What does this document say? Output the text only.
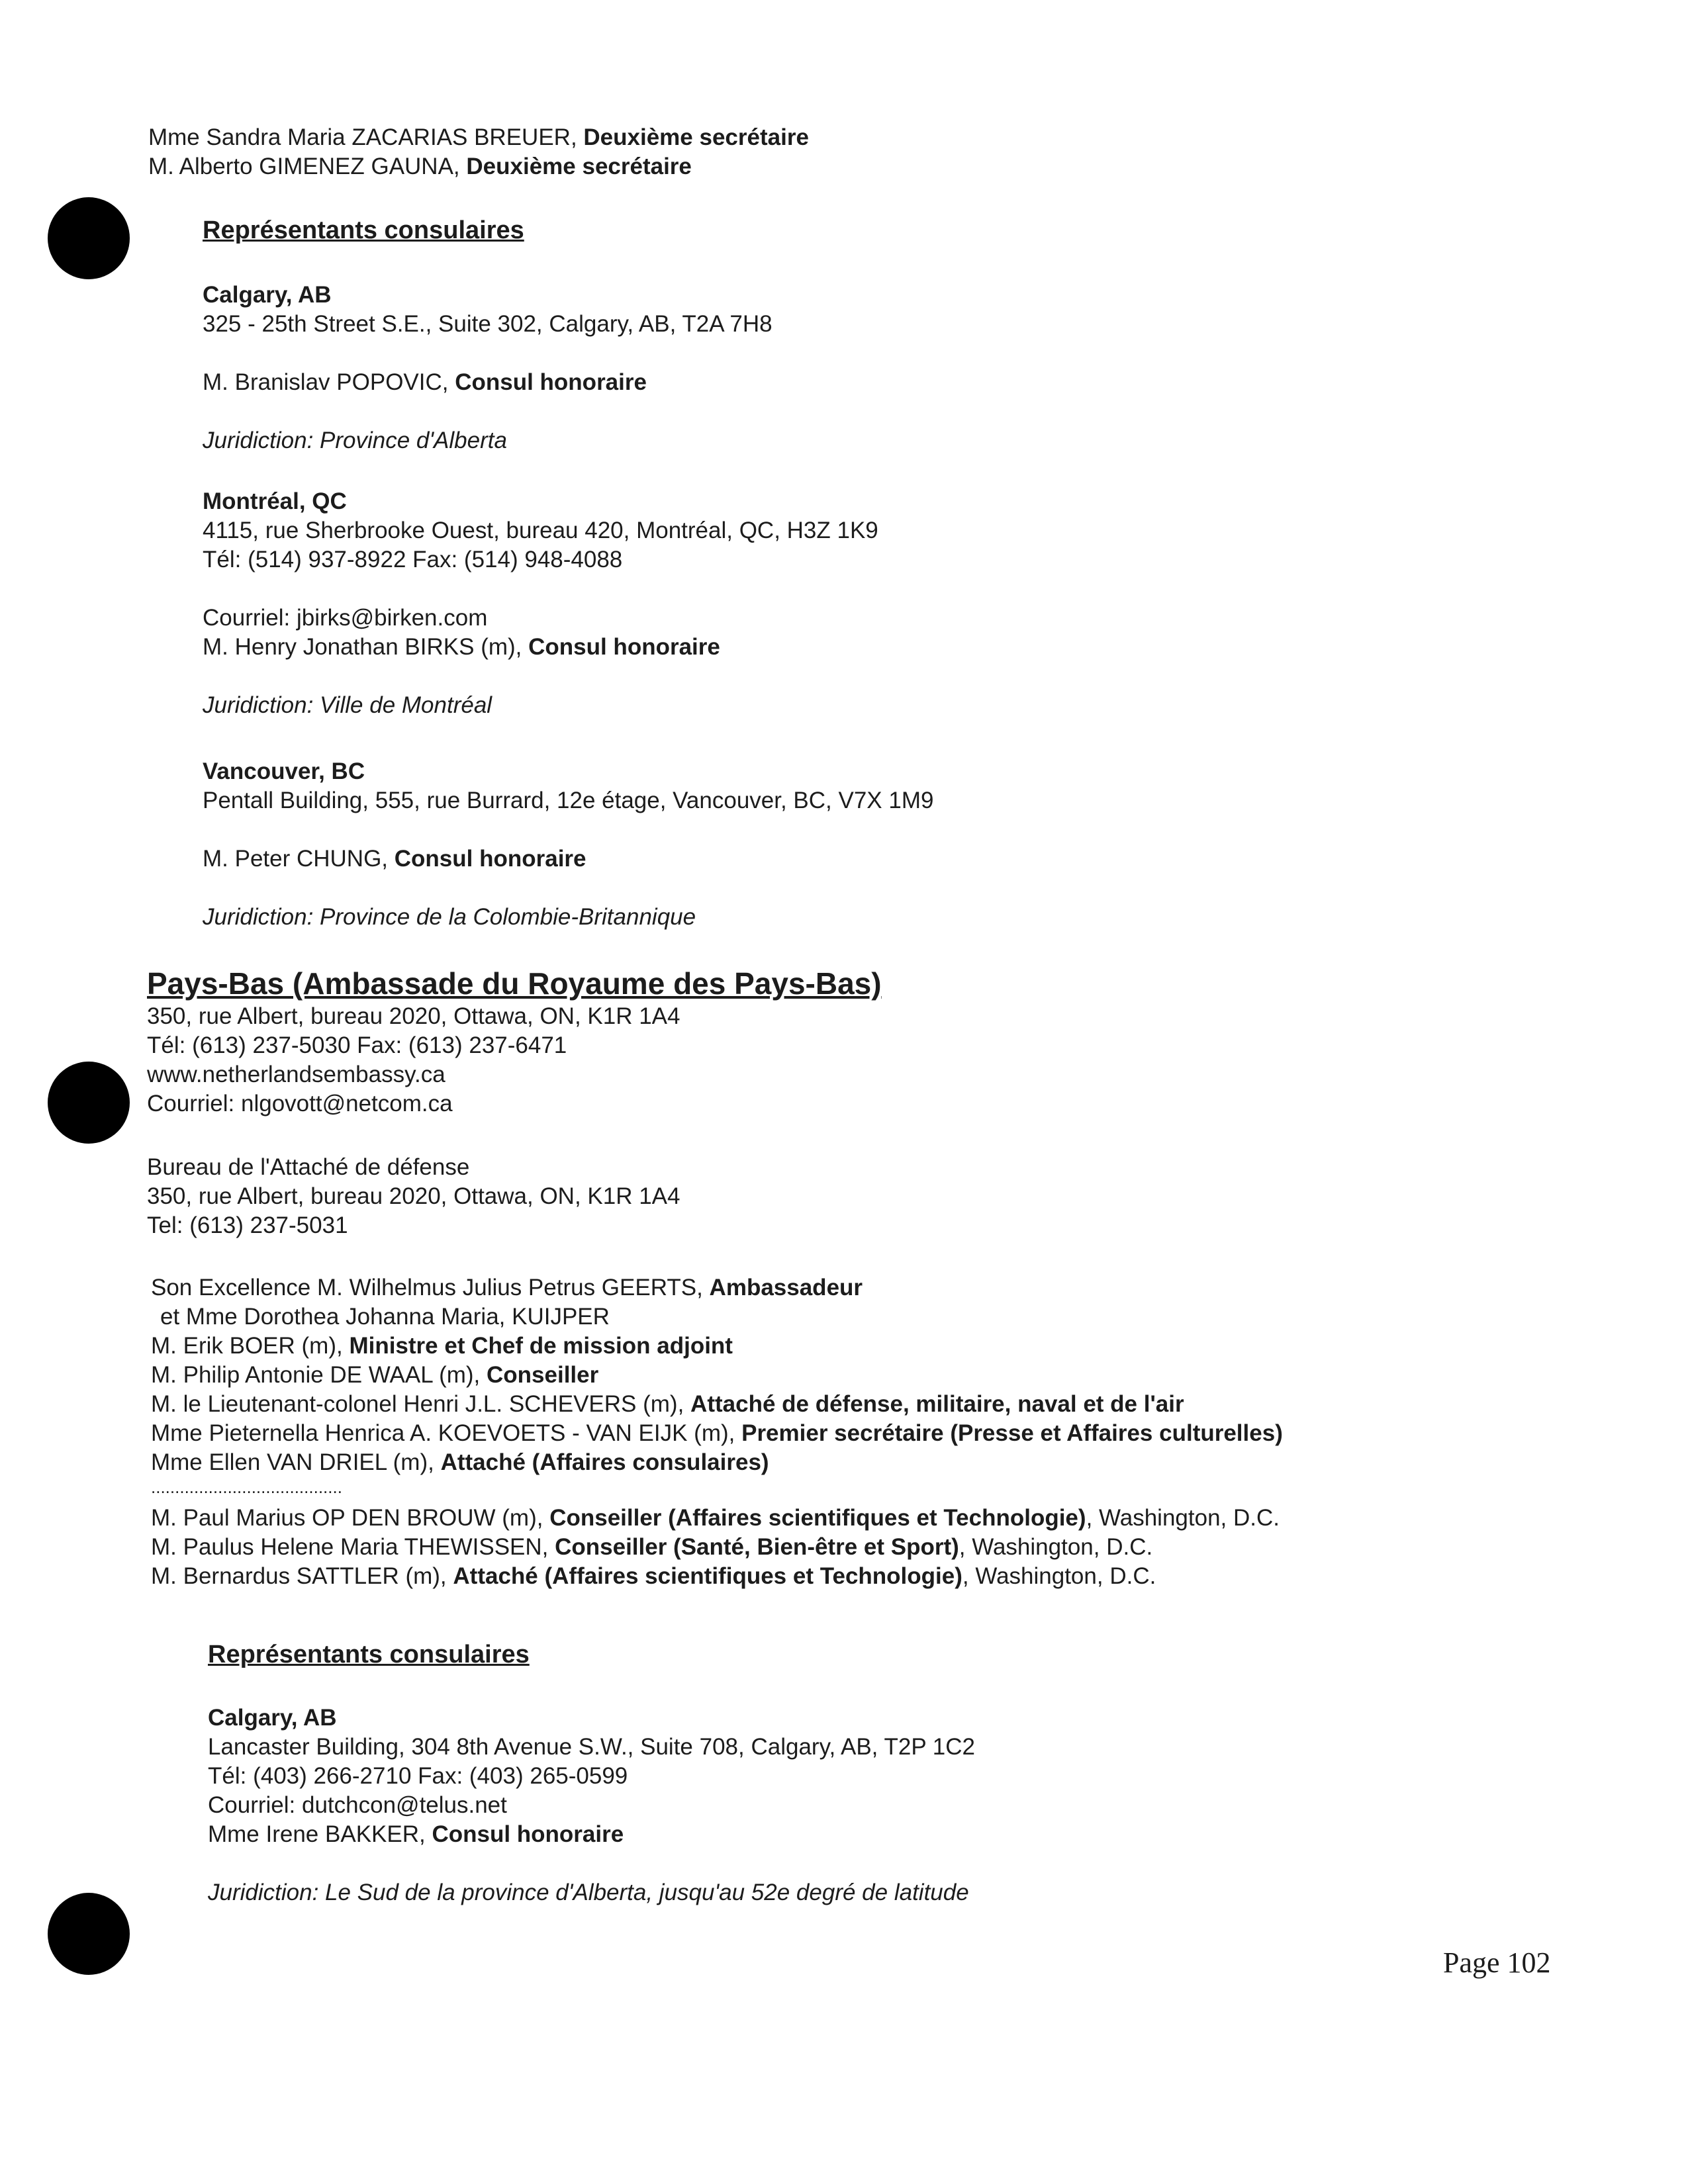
Mme Sandra Maria ZACARIAS BREUER, Deuxième secrétaire
M. Alberto GIMENEZ GAUNA, Deuxième secrétaire
Représentants consulaires
Calgary, AB
325 - 25th Street S.E., Suite 302, Calgary, AB, T2A 7H8
M. Branislav POPOVIC, Consul honoraire
Juridiction: Province d'Alberta
Montréal, QC
4115, rue Sherbrooke Ouest, bureau 420, Montréal, QC, H3Z 1K9
Tél: (514) 937-8922 Fax: (514) 948-4088
Courriel: jbirks@birken.com
M. Henry Jonathan BIRKS (m), Consul honoraire
Juridiction: Ville de Montréal
Vancouver, BC
Pentall Building, 555, rue Burrard, 12e étage, Vancouver, BC, V7X 1M9
M. Peter CHUNG, Consul honoraire
Juridiction: Province de la Colombie-Britannique
Pays-Bas (Ambassade du Royaume des Pays-Bas)
350, rue Albert, bureau 2020, Ottawa, ON, K1R 1A4
Tél: (613) 237-5030 Fax: (613) 237-6471
www.netherlandsembassy.ca
Courriel: nlgovott@netcom.ca
Bureau de l'Attaché de défense
350, rue Albert, bureau 2020, Ottawa, ON, K1R 1A4
Tel: (613) 237-5031
Son Excellence M. Wilhelmus Julius Petrus GEERTS, Ambassadeur
et Mme Dorothea Johanna Maria, KUIJPER
M. Erik BOER (m), Ministre et Chef de mission adjoint
M. Philip Antonie DE WAAL (m), Conseiller
M. le Lieutenant-colonel Henri J.L. SCHEVERS (m), Attaché de défense, militaire, naval et de l'air
Mme Pieternella Henrica A. KOEVOETS - VAN EIJK (m), Premier secrétaire (Presse et Affaires culturelles)
Mme Ellen VAN DRIEL (m), Attaché (Affaires consulaires)
........................................
M. Paul Marius OP DEN BROUW (m), Conseiller (Affaires scientifiques et Technologie), Washington, D.C.
M. Paulus Helene Maria THEWISSEN, Conseiller (Santé, Bien-être et Sport), Washington, D.C.
M. Bernardus SATTLER (m), Attaché (Affaires scientifiques et Technologie), Washington, D.C.
Représentants consulaires
Calgary, AB
Lancaster Building, 304 8th Avenue S.W., Suite 708, Calgary, AB, T2P 1C2
Tél: (403) 266-2710 Fax: (403) 265-0599
Courriel: dutchcon@telus.net
Mme Irene BAKKER, Consul honoraire
Juridiction: Le Sud de la province d'Alberta, jusqu'au 52e degré de latitude
Page 102
